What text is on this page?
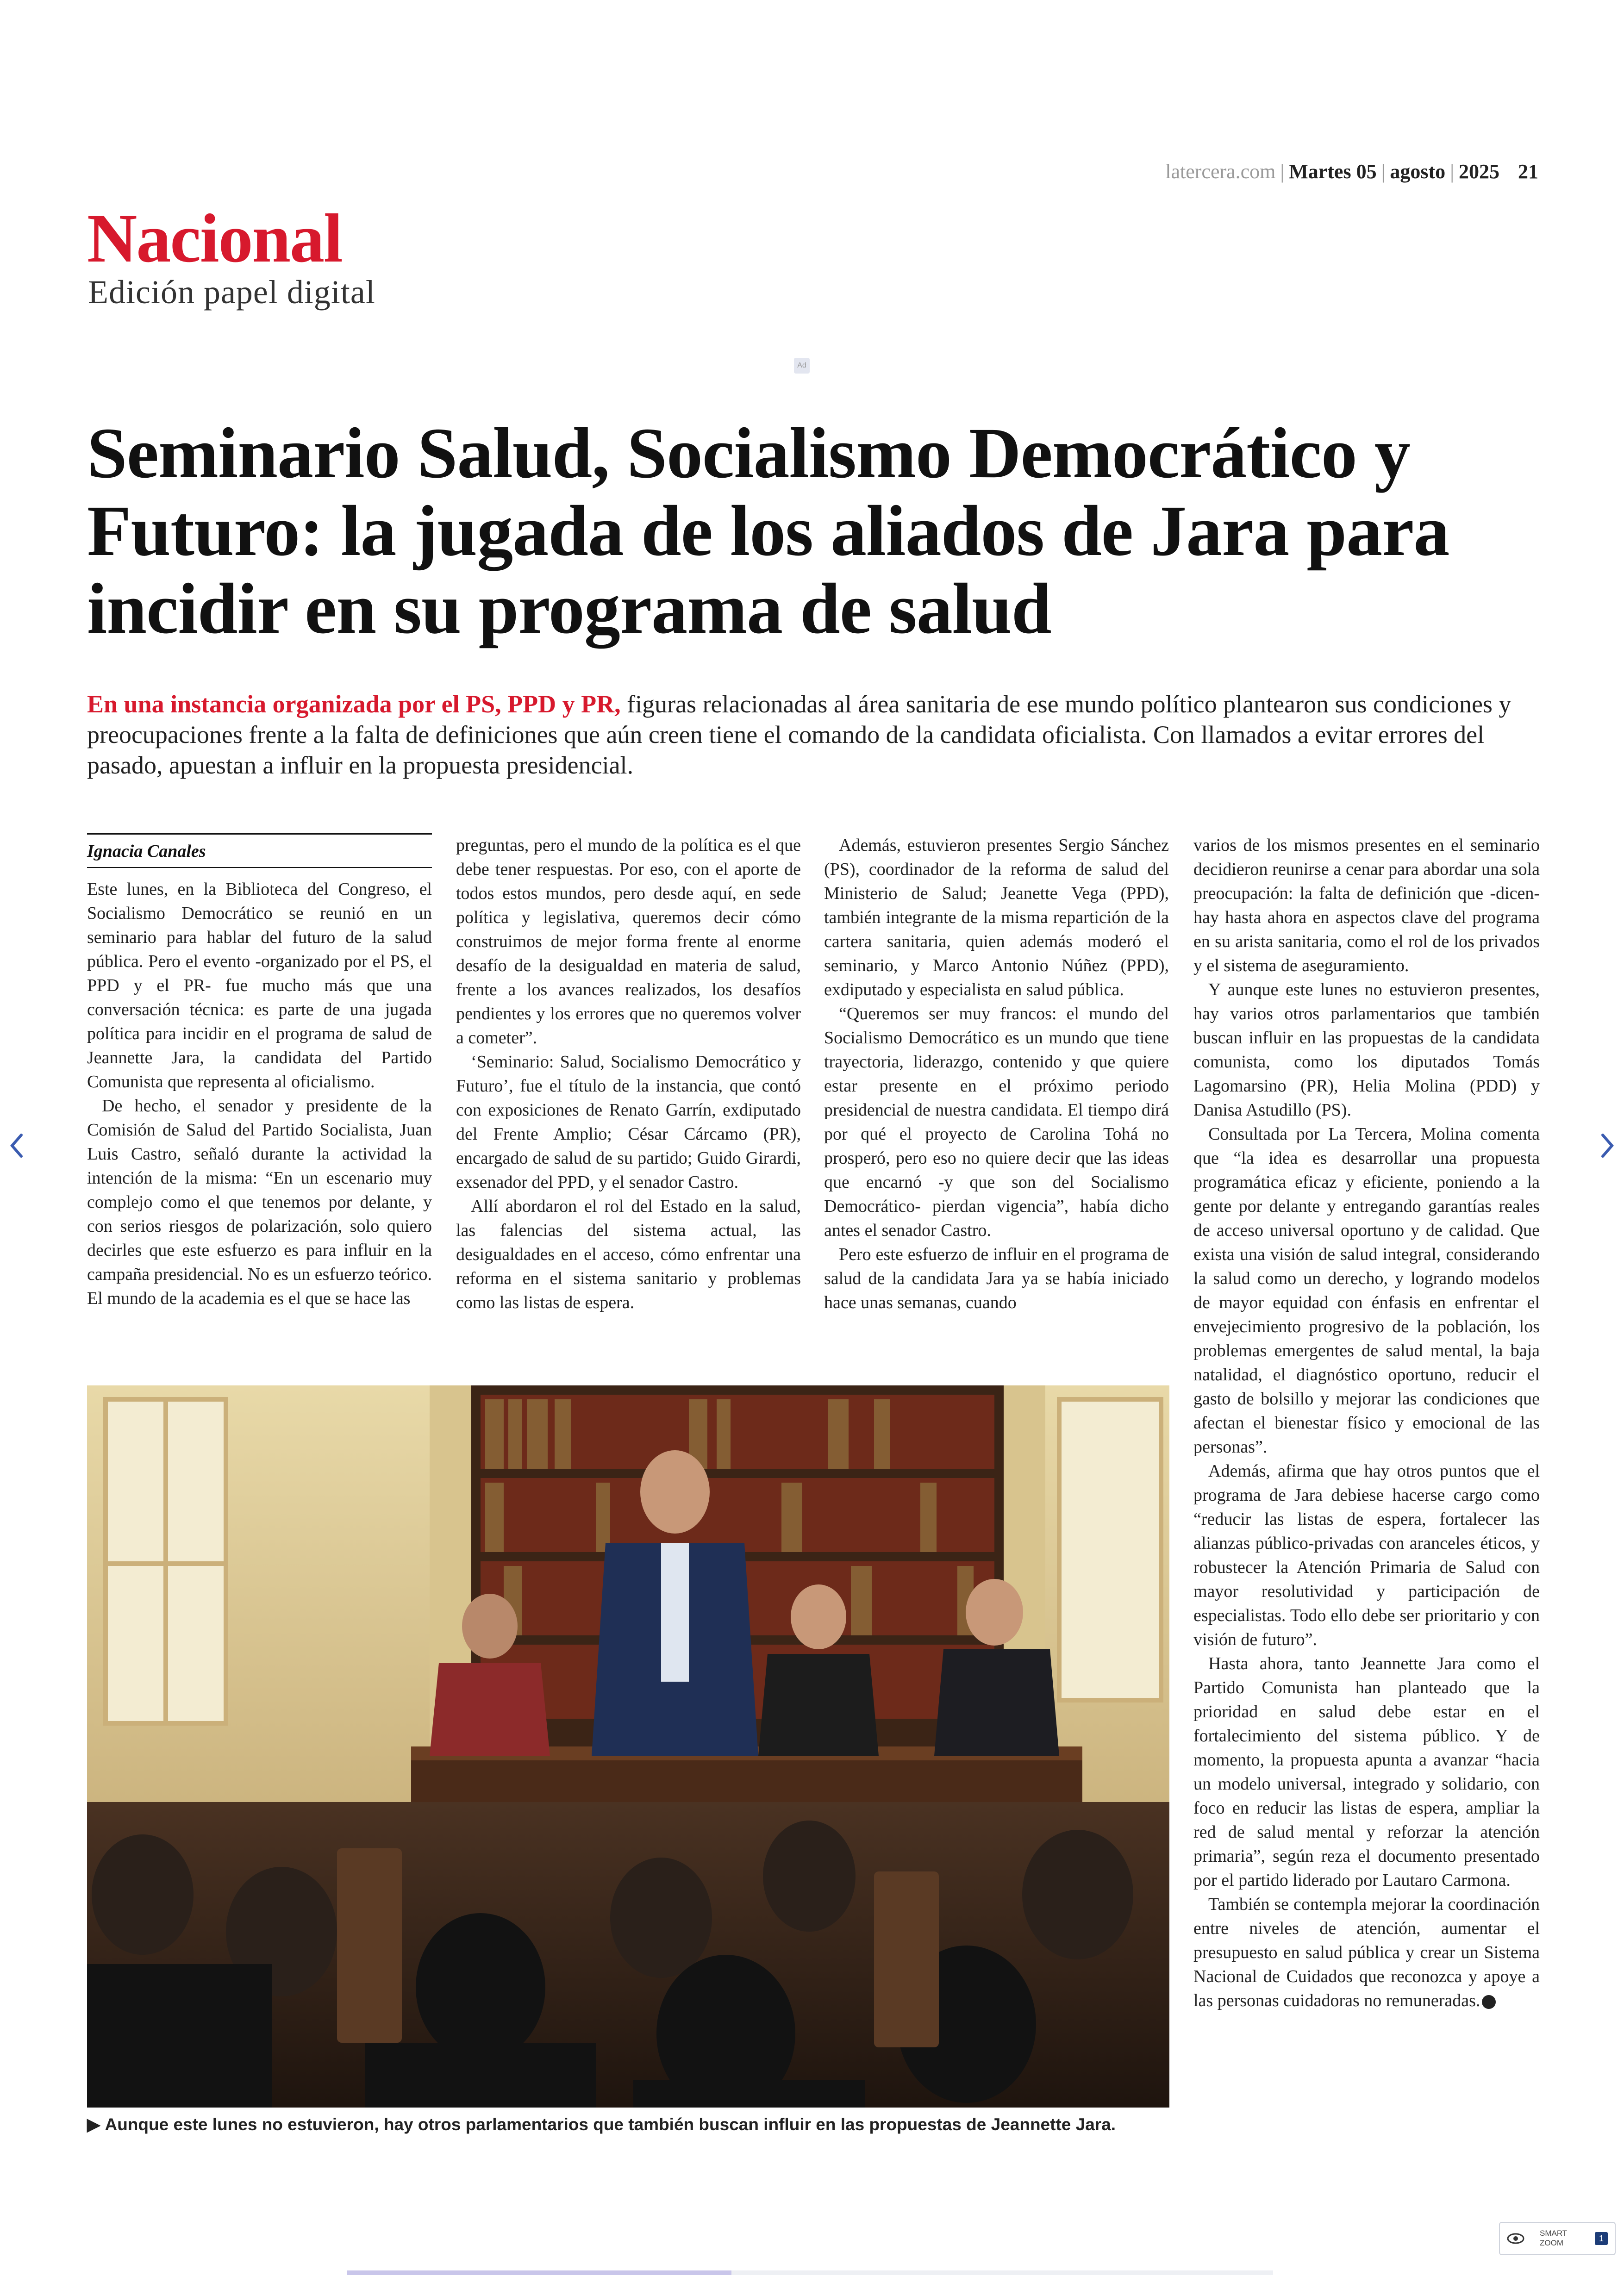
latercera.com | Martes 05 | agosto | 2025 21
Nacional
Edición papel digital
Ad
Seminario Salud, Socialismo Democrático y Futuro: la jugada de los aliados de Jara para incidir en su programa de salud

En una instancia organizada por el PS, PPD y PR, figuras relacionadas al área sanitaria de ese mundo político plantearon sus condiciones y preocupaciones frente a la falta de definiciones que aún creen tiene el comando de la candidata oficialista. Con llamados a evitar errores del pasado, apuestan a influir en la propuesta presidencial.

Ignacia Canales

Este lunes, en la Biblioteca del Congreso, el Socialismo Democrático se reunió en un seminario para hablar del futuro de la salud pública. Pero el evento -organizado por el PS, el PPD y el PR- fue mucho más que una conversación técnica: es parte de una jugada política para incidir en el programa de salud de Jeannette Jara, la candidata del Partido Comunista que representa al oficialismo.

De hecho, el senador y presidente de la Comisión de Salud del Partido Socialista, Juan Luis Castro, señaló durante la actividad la intención de la misma: “En un escenario muy complejo como el que tenemos por delante, y con serios riesgos de polarización, solo quiero decirles que este esfuerzo es para influir en la campaña presidencial. No es un esfuerzo teórico. El mundo de la academia es el que se hace las

preguntas, pero el mundo de la política es el que debe tener respuestas. Por eso, con el aporte de todos estos mundos, pero desde aquí, en sede política y legislativa, queremos decir cómo construimos de mejor forma frente al enorme desafío de la desigualdad en materia de salud, frente a los avances realizados, los desafíos pendientes y los errores que no queremos volver a cometer”.

‘Seminario: Salud, Socialismo Democrático y Futuro’, fue el título de la instancia, que contó con exposiciones de Renato Garrín, exdiputado del Frente Amplio; César Cárcamo (PR), encargado de salud de su partido; Guido Girardi, exsenador del PPD, y el senador Castro.

Allí abordaron el rol del Estado en la salud, las falencias del sistema actual, las desigualdades en el acceso, cómo enfrentar una reforma en el sistema sanitario y problemas como las listas de espera.

Además, estuvieron presentes Sergio Sánchez (PS), coordinador de la reforma de salud del Ministerio de Salud; Jeanette Vega (PPD), también integrante de la misma repartición de la cartera sanitaria, quien además moderó el seminario, y Marco Antonio Núñez (PPD), exdiputado y especialista en salud pública.

“Queremos ser muy francos: el mundo del Socialismo Democrático es un mundo que tiene trayectoria, liderazgo, contenido y que quiere estar presente en el próximo periodo presidencial de nuestra candidata. El tiempo dirá por qué el proyecto de Carolina Tohá no prosperó, pero eso no quiere decir que las ideas que encarnó -y que son del Socialismo Democrático- pierdan vigencia”, había dicho antes el senador Castro.

Pero este esfuerzo de influir en el programa de salud de la candidata Jara ya se había iniciado hace unas semanas, cuando

varios de los mismos presentes en el seminario decidieron reunirse a cenar para abordar una sola preocupación: la falta de definición que -dicen- hay hasta ahora en aspectos clave del programa en su arista sanitaria, como el rol de los privados y el sistema de aseguramiento.

Y aunque este lunes no estuvieron presentes, hay varios otros parlamentarios que también buscan influir en las propuestas de la candidata comunista, como los diputados Tomás Lagomarsino (PR), Helia Molina (PDD) y Danisa Astudillo (PS).

Consultada por La Tercera, Molina comenta que “la idea es desarrollar una propuesta programática eficaz y eficiente, poniendo a la gente por delante y entregando garantías reales de acceso universal oportuno y de calidad. Que exista una visión de salud integral, considerando la salud como un derecho, y logrando modelos de mayor equidad con énfasis en enfrentar el envejecimiento progresivo de la población, los problemas emergentes de salud mental, la baja natalidad, el diagnóstico oportuno, reducir el gasto de bolsillo y mejorar las condiciones que afectan el bienestar físico y emocional de las personas”.

Además, afirma que hay otros puntos que el programa de Jara debiese hacerse cargo como “reducir las listas de espera, fortalecer las alianzas público-privadas con aranceles éticos, y robustecer la Atención Primaria de Salud con mayor resolutividad y participación de especialistas. Todo ello debe ser prioritario y con visión de futuro”.

Hasta ahora, tanto Jeannette Jara como el Partido Comunista han planteado que la prioridad en salud debe estar en el fortalecimiento del sistema público. Y de momento, la propuesta apunta a avanzar “hacia un modelo universal, integrado y solidario, con foco en reducir las listas de espera, ampliar la red de salud mental y reforzar la atención primaria”, según reza el documento presentado por el partido liderado por Lautaro Carmona.

También se contempla mejorar la coordinación entre niveles de atención, aumentar el presupuesto en salud pública y crear un Sistema Nacional de Cuidados que reconozca y apoye a las personas cuidadoras no remuneradas. LT

▶ Aunque este lunes no estuvieron, hay otros parlamentarios que también buscan influir en las propuestas de Jeannette Jara.
SMART ZOOM	1
